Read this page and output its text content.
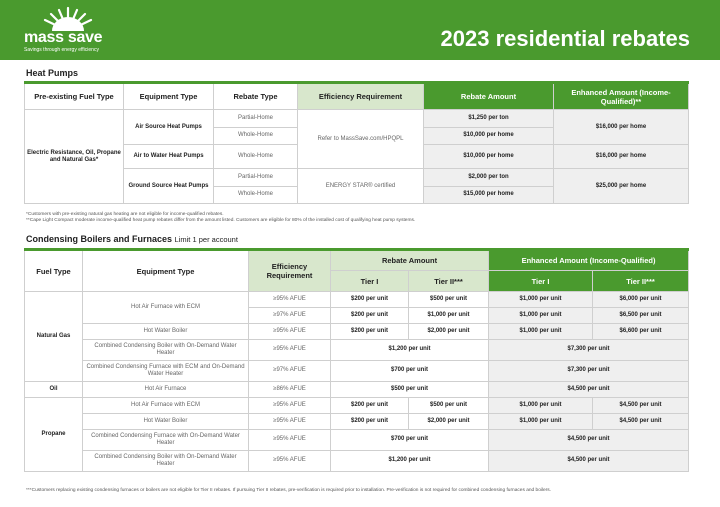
mass save
Savings through energy efficiency	2023 residential rebates
Heat Pumps
Pre-existing Fuel Type	Equipment Type	Rebate Type	Efficiency Requirement	Rebate Amount	Enhanced Amount (Income-Qualified)**
Electric Resistance, Oil, Propane and Natural Gas*	Air Source Heat Pumps	Partial-Home	Refer to MassSave.com/HPQPL	$1,250 per ton	$16,000 per home
		Whole-Home		$10,000 per home	
	Air to Water Heat Pumps	Whole-Home		$10,000 per home	$16,000 per home
	Ground Source Heat Pumps	Partial-Home	ENERGY STAR® certified	$2,000 per ton	$25,000 per home
		Whole-Home		$15,000 per home	
*Customers with pre-existing natural gas heating are not eligible for income-qualified rebates.
**Cape Light Compact moderate income-qualified heat pump rebates differ from the amount listed. Customers are eligible for 80% of the installed cost of qualifying heat pump systems.
Condensing Boilers and Furnaces Limit 1 per account
Fuel Type	Equipment Type	Efficiency Requirement	Rebate Amount		Enhanced Amount (Income-Qualified)	
			Tier I	Tier II***	Tier I	Tier II***
Natural Gas	Hot Air Furnace with ECM	≥95% AFUE	$200 per unit	$500 per unit	$1,000 per unit	$6,000 per unit
		≥97% AFUE	$200 per unit	$1,000 per unit	$1,000 per unit	$6,500 per unit
	Hot Water Boiler	≥95% AFUE	$200 per unit	$2,000 per unit	$1,000 per unit	$6,600 per unit
	Combined Condensing Boiler with On-Demand Water Heater	≥95% AFUE	$1,200 per unit		$7,300 per unit	
	Combined Condensing Furnace with ECM and On-Demand Water Heater	≥97% AFUE	$700 per unit		$7,300 per unit	
Oil	Hot Air Furnace	≥86% AFUE	$500 per unit		$4,500 per unit	
Propane	Hot Air Furnace with ECM	≥95% AFUE	$200 per unit	$500 per unit	$1,000 per unit	$4,500 per unit
	Hot Water Boiler	≥95% AFUE	$200 per unit	$2,000 per unit	$1,000 per unit	$4,500 per unit
	Combined Condensing Furnace with On-Demand Water Heater	≥95% AFUE	$700 per unit		$4,500 per unit	
	Combined Condensing Boiler with On-Demand Water Heater	≥95% AFUE	$1,200 per unit		$4,500 per unit	
***Customers replacing existing condensing furnaces or boilers are not eligible for Tier II rebates. If pursuing Tier II rebates, pre-verification is required prior to installation. Pre-verification is not required for combined condensing furnaces and boilers.
